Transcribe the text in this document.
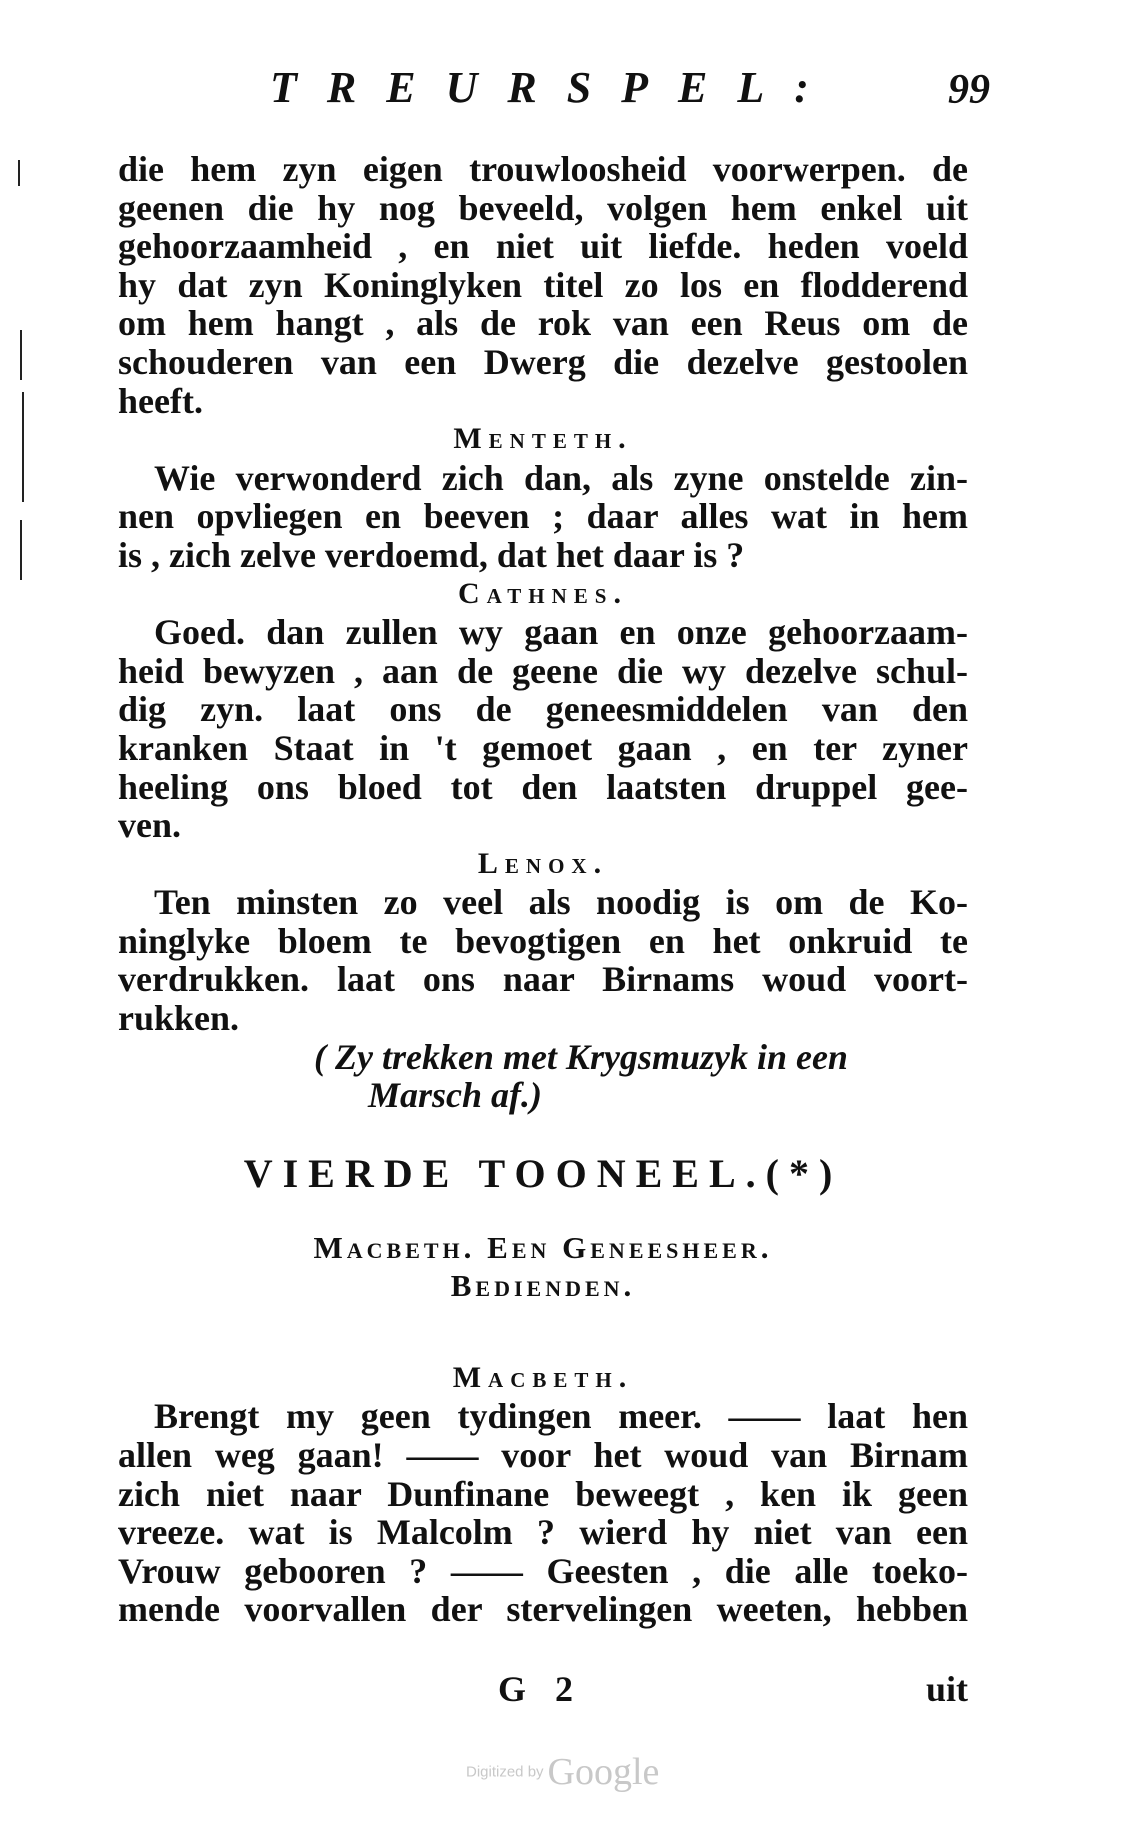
TREURSPEL:	99
die hem zyn eigen trouwloosheid voorwerpen. de
geenen die hy nog beveeld, volgen hem enkel uit
gehoorzaamheid , en niet uit liefde. heden voeld
hy dat zyn Koninglyken titel zo los en flodderend
om hem hangt , als de rok van een Reus om de
schouderen van een Dwerg die dezelve gestoolen
heeft.
Menteth.
Wie verwonderd zich dan, als zyne onstelde zin-
nen opvliegen en beeven ; daar alles wat in hem
is , zich zelve verdoemd, dat het daar is ?
Cathnes.
Goed. dan zullen wy gaan en onze gehoorzaam-
heid bewyzen , aan de geene die wy dezelve schul-
dig zyn. laat ons de geneesmiddelen van den
kranken Staat in 't gemoet gaan , en ter zyner
heeling ons bloed tot den laatsten druppel gee-
ven.
Lenox.
Ten minsten zo veel als noodig is om de Ko-
ninglyke bloem te bevogtigen en het onkruid te
verdrukken. laat ons naar Birnams woud voort-
rukken.
( Zy trekken met Krygsmuzyk in een
Marsch af.)
VIERDE TOONEEL.(*)
Macbeth. Een Geneesheer.
Bedienden.
Macbeth.
Brengt my geen tydingen meer. —— laat hen
allen weg gaan! —— voor het woud van Birnam
zich niet naar Dunfinane beweegt , ken ik geen
vreeze. wat is Malcolm ? wierd hy niet van een
Vrouw gebooren ? —— Geesten , die alle toeko-
mende voorvallen der stervelingen weeten, hebben
G 2	uit
Digitized by Google
